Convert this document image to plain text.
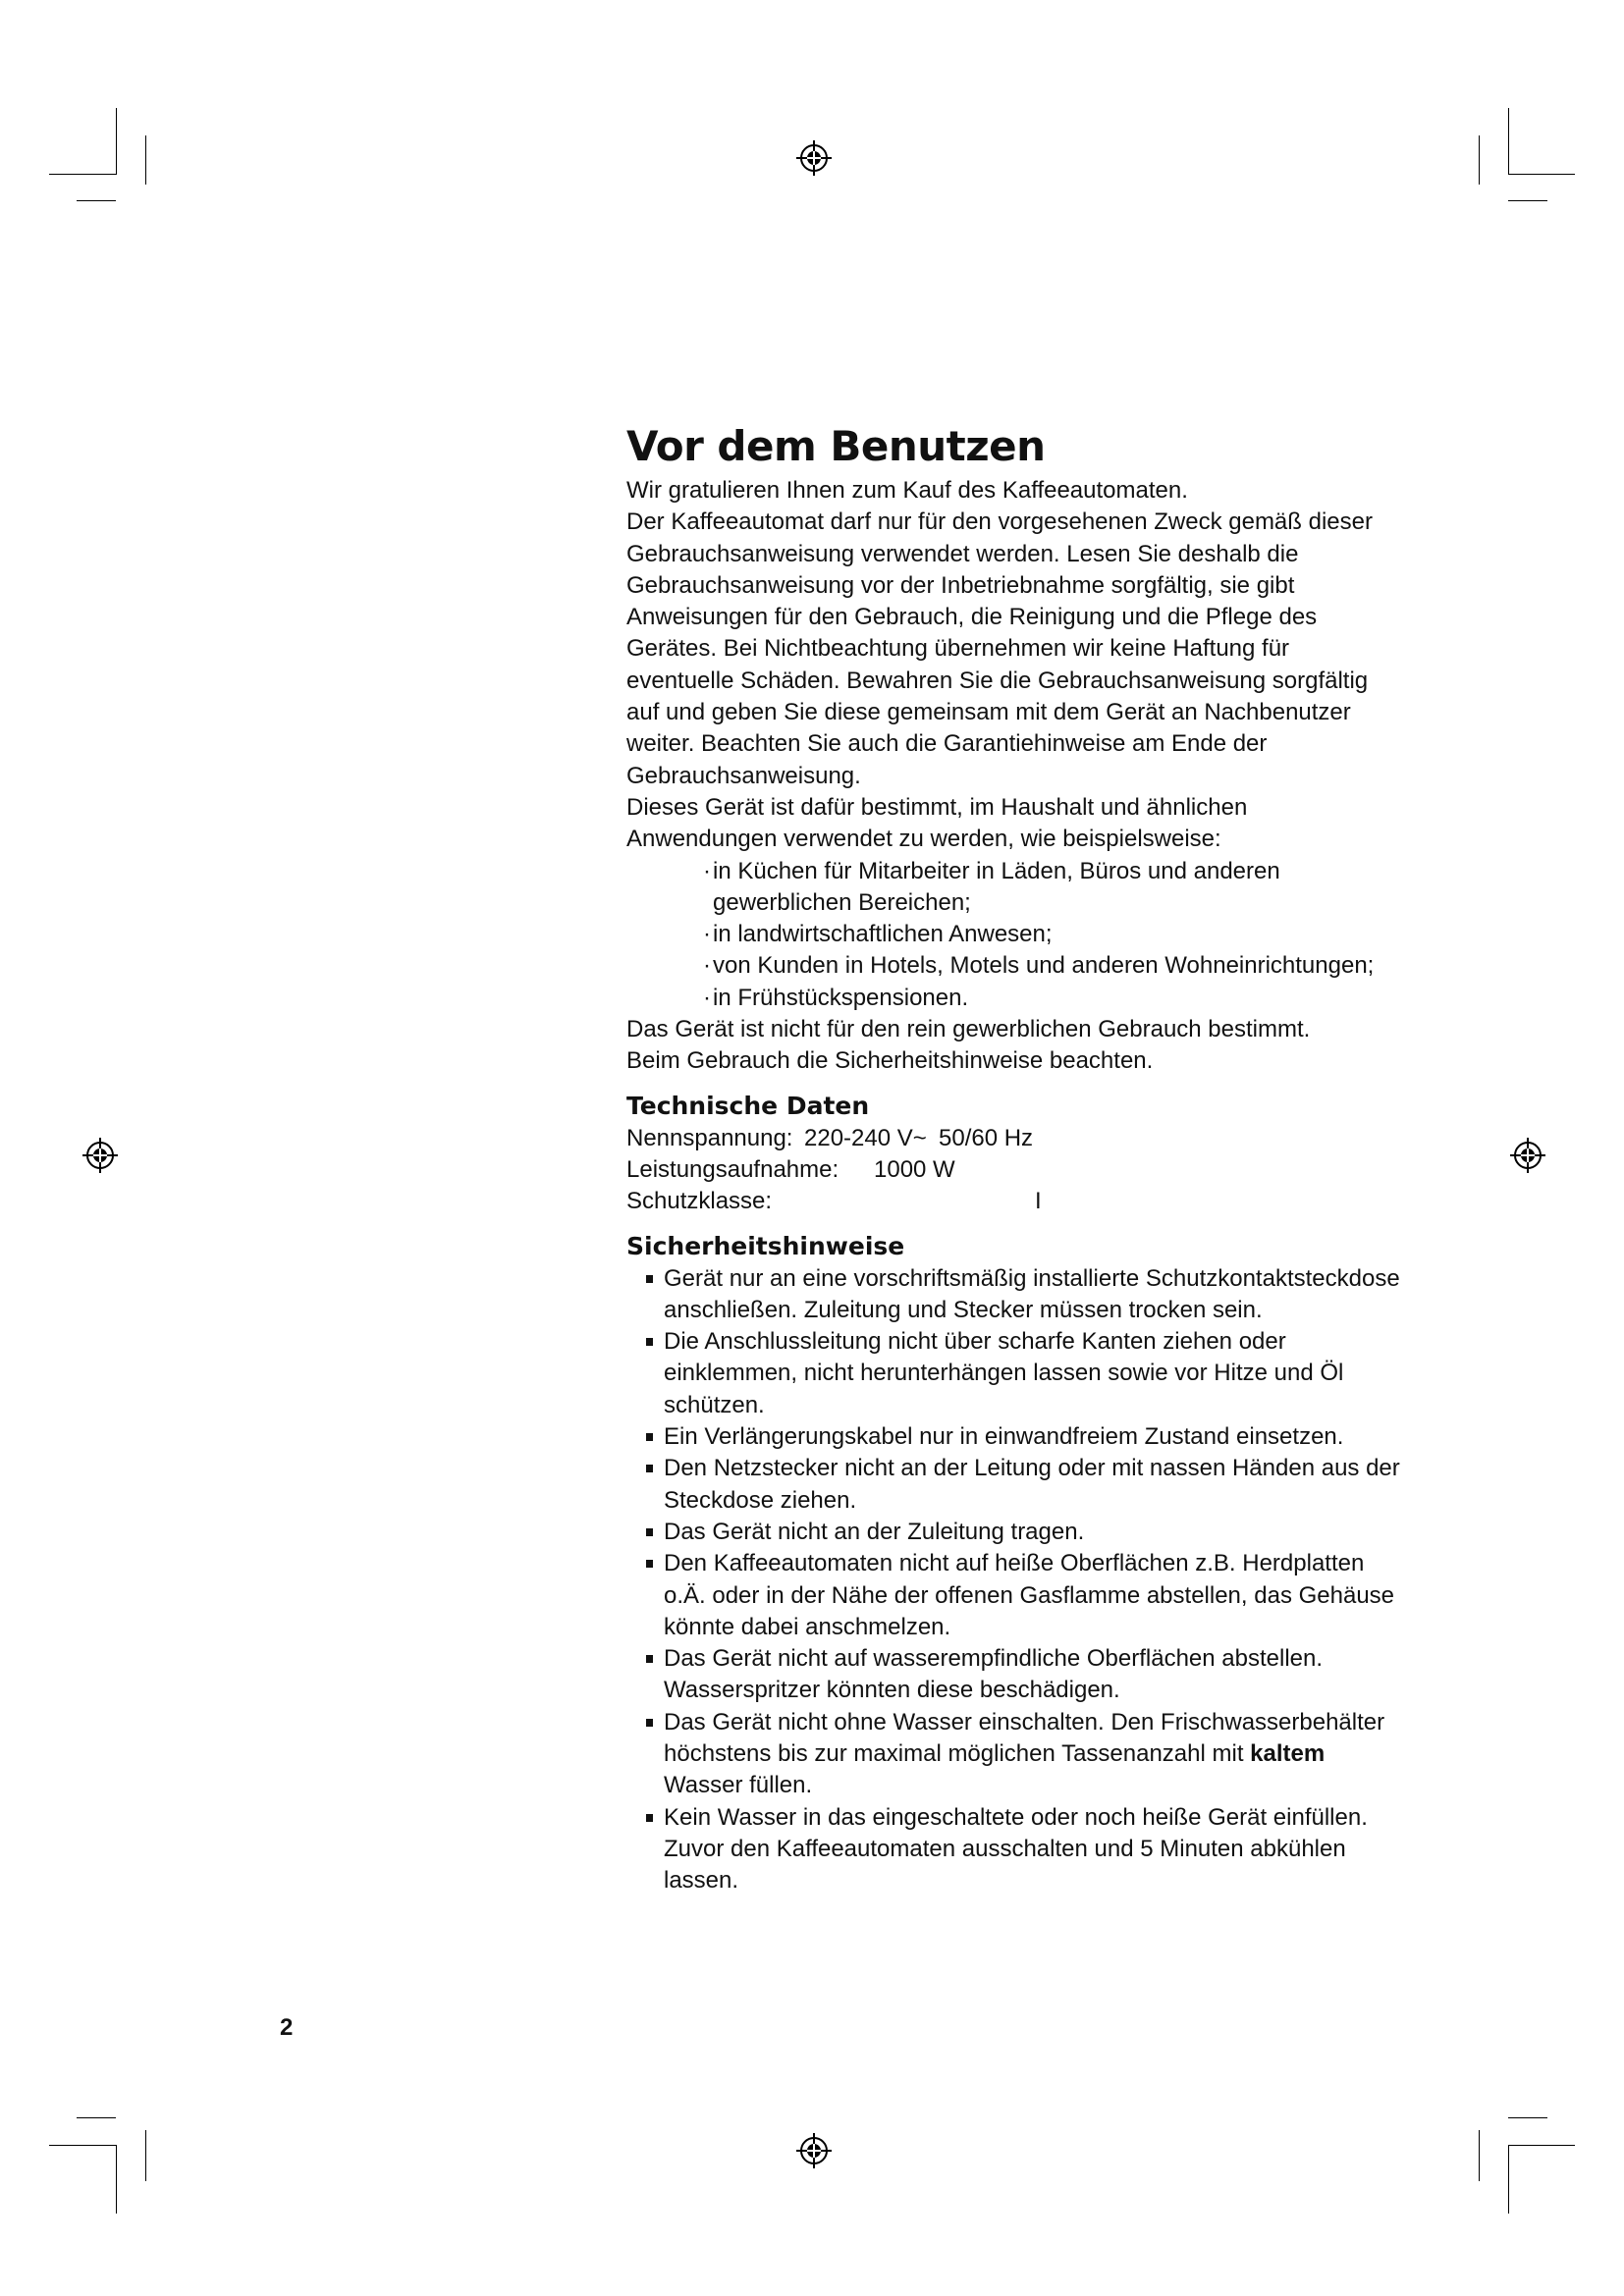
Vor dem Benutzen

Wir gratulieren Ihnen zum Kauf des Kaffeeautomaten.

Der Kaffeeautomat darf nur für den vorgesehenen Zweck gemäß dieser Gebrauchsanweisung verwendet werden. Lesen Sie deshalb die Gebrauchsanweisung vor der Inbetriebnahme sorgfältig, sie gibt Anweisungen für den Gebrauch, die Reinigung und die Pflege des Gerätes. Bei Nichtbeachtung übernehmen wir keine Haftung für eventuelle Schäden. Bewahren Sie die Gebrauchsanweisung sorgfältig auf und geben Sie diese gemeinsam mit dem Gerät an Nachbenutzer weiter. Beachten Sie auch die Garantiehinweise am Ende der Gebrauchsanweisung.

Dieses Gerät ist dafür bestimmt, im Haushalt und ähnlichen Anwendungen verwendet zu werden, wie beispielsweise:

·in Küchen für Mitarbeiter in Läden, Büros und anderen gewerblichen Bereichen;
·in landwirtschaftlichen Anwesen;
·von Kunden in Hotels, Motels und anderen Wohneinrichtungen;
·in Frühstückspensionen.

Das Gerät ist nicht für den rein gewerblichen Gebrauch bestimmt.

Beim Gebrauch die Sicherheitshinweise beachten.

Technische Daten
Nennspannung: 220-240 V~ 50/60 Hz
Leistungsaufnahme: 1000 W
Schutzklasse:	I
Sicherheitshinweise
Gerät nur an eine vorschriftsmäßig installierte Schutzkontaktsteckdose anschließen. Zuleitung und Stecker müssen trocken sein.
Die Anschlussleitung nicht über scharfe Kanten ziehen oder einklemmen, nicht herunterhängen lassen sowie vor Hitze und Öl schützen.
Ein Verlängerungskabel nur in einwandfreiem Zustand einsetzen.
Den Netzstecker nicht an der Leitung oder mit nassen Händen aus der Steckdose ziehen.
Das Gerät nicht an der Zuleitung tragen.
Den Kaffeeautomaten nicht auf heiße Oberflächen z.B. Herdplatten o.Ä. oder in der Nähe der offenen Gasflamme abstellen, das Gehäuse könnte dabei anschmelzen.
Das Gerät nicht auf wasserempfindliche Oberflächen abstellen. Wasserspritzer könnten diese beschädigen.
Das Gerät nicht ohne Wasser einschalten. Den Frischwasserbehälter höchstens bis zur maximal möglichen Tassenanzahl mit kaltem Wasser füllen.
Kein Wasser in das eingeschaltete oder noch heiße Gerät einfüllen. Zuvor den Kaffeeautomaten ausschalten und 5 Minuten abkühlen lassen.
2
